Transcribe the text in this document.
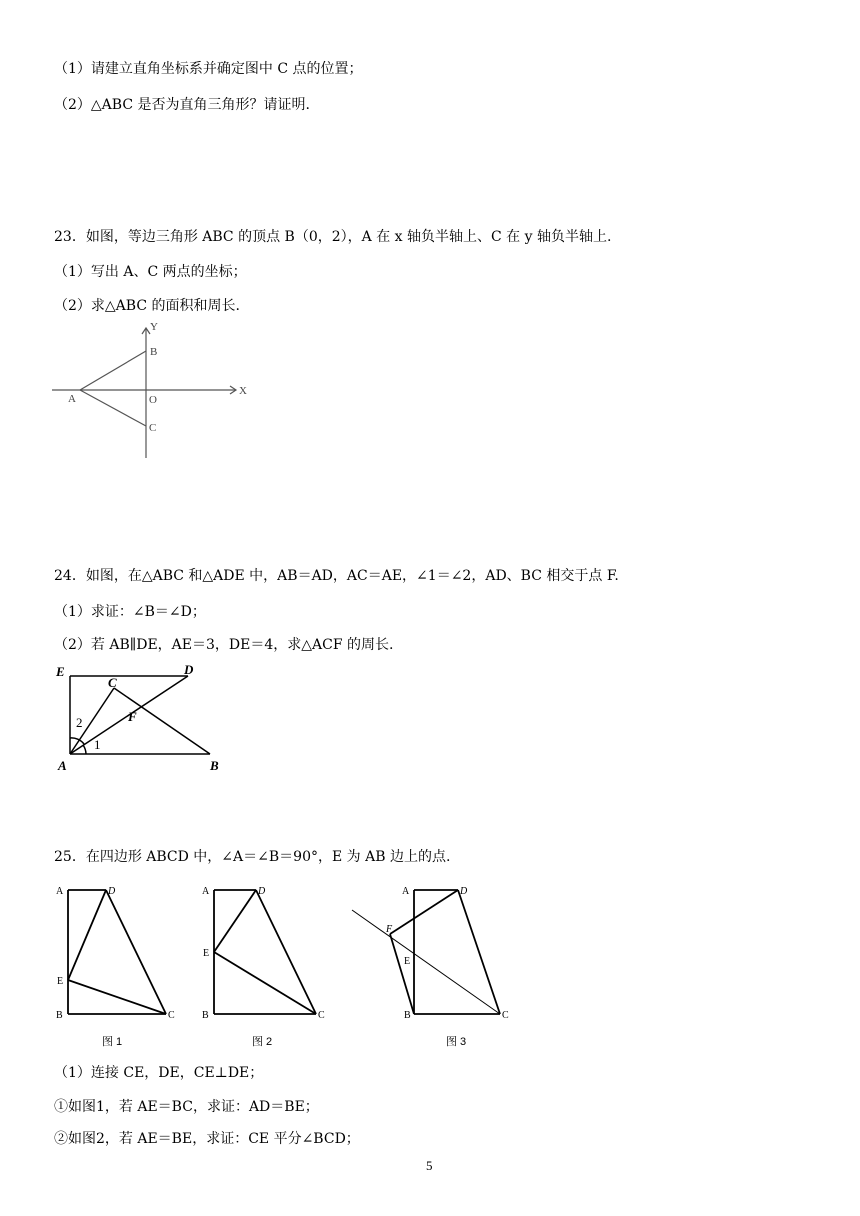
（1）请建立直角坐标系并确定图中 C 点的位置；
（2）△ABC 是否为直角三角形？请证明.
23．如图，等边三角形 ABC 的顶点 B（0，2），A 在 x 轴负半轴上、C 在 y 轴负半轴上.
（1）写出 A、C 两点的坐标；
（2）求△ABC 的面积和周长.
Y
X
B
A	O
C
24．如图，在△ABC 和△ADE 中，AB＝AD，AC＝AE，∠1＝∠2，AD、BC 相交于点 F.
（1）求证：∠B＝∠D；
（2）若 AB∥DE，AE＝3，DE＝4，求△ACF 的周长.
E	D
C
F
A	B
2
1
25．在四边形 ABCD 中，∠A＝∠B＝90°，E 为 AB 边上的点.
A	D
E
B	C
图 1
A	D
E
B	C
图 2
A	D
F
E
B	C
图 3
（1）连接 CE，DE，CE⊥DE；
①如图1，若 AE＝BC，求证：AD＝BE；
②如图2，若 AE＝BE，求证：CE 平分∠BCD；
5
